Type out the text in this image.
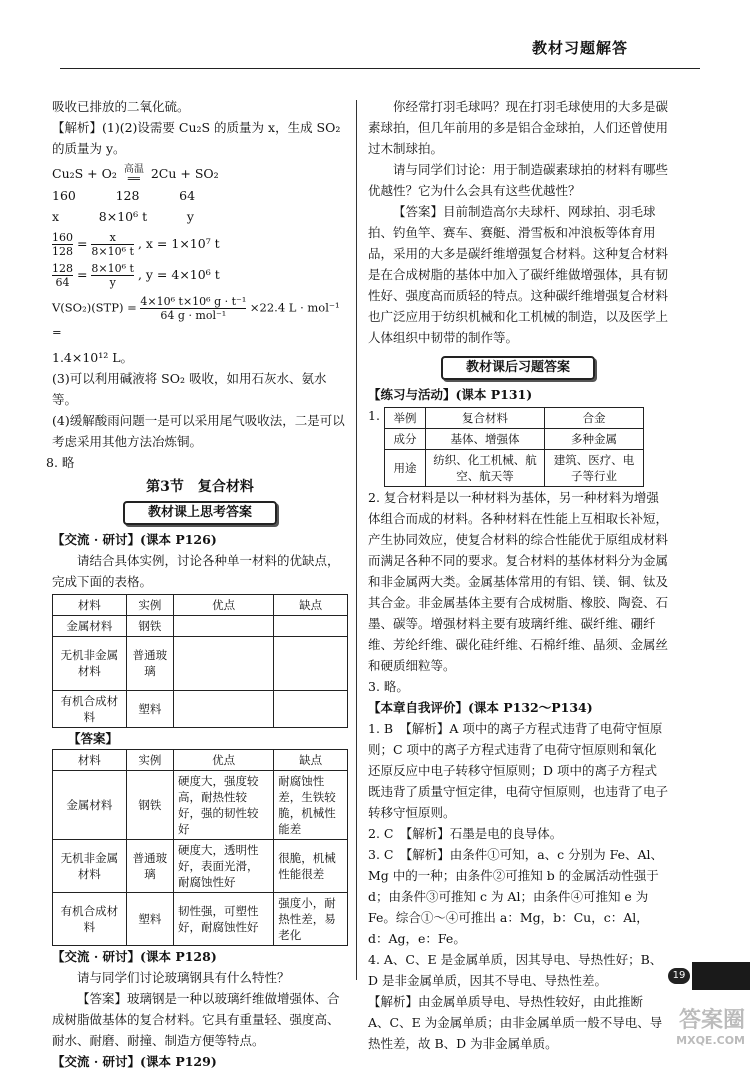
教材习题解答

吸收已排放的二氧化硫。

【解析】(1)(2)设需要 Cu₂S 的质量为 x，生成 SO₂

的质量为 y。

Cu₂S + O₂ 高温
══ 2Cu + SO₂

160          128          64

x          8×10⁶ t          y

$\frac{160}{128} = \frac{x}{\text{8×10⁶ t}}$ , x = 1×10⁷ t

$\frac{128}{64} = \frac{\text{8×10⁶ t}}{y}$ , y = 4×10⁶ t

$V(SO_2)(STP) = \frac{\text{4×10⁶ t×10⁶ g · t⁻¹}}{\text{64 g · mol⁻¹}} \times 22.4$ L · mol⁻¹ =

1.4×10¹² L。

(3)可以利用碱液将 SO₂ 吸收，如用石灰水、氨水等。

(4)缓解酸雨问题一是可以采用尾气吸收法，二是可以考虑采用其他方法冶炼铜。

8. 略

第3节　复合材料

教材课上思考答案

【交流 · 研讨】(课本 P126)

请结合具体实例，讨论各种单一材料的优缺点，完成下面的表格。

材料	实例	优点	缺点
金属材料	钢铁		
无机非金属材料	普通玻璃		
有机合成材料	塑料		

【答案】

材料	实例	优点	缺点
金属材料	钢铁	硬度大，强度较高，耐热性较好，强的韧性较好	耐腐蚀性差，生铁较脆，机械性能差
无机非金属材料	普通玻璃	硬度大，透明性好，表面光滑，耐腐蚀性好	很脆，机械性能很差
有机合成材料	塑料	韧性强，可塑性好，耐腐蚀性好	强度小，耐热性差，易老化

【交流 · 研讨】(课本 P128)

请与同学们讨论玻璃钢具有什么特性？

【答案】玻璃钢是一种以玻璃纤维做增强体、合成树脂做基体的复合材料。它具有重量轻、强度高、耐水、耐磨、耐撞、制造方便等特点。

【交流 · 研讨】(课本 P129)

你经常打羽毛球吗？现在打羽毛球使用的大多是碳素球拍，但几年前用的多是铝合金球拍，人们还曾使用过木制球拍。

请与同学们讨论：用于制造碳素球拍的材料有哪些优越性？它为什么会具有这些优越性？

【答案】目前制造高尔夫球杆、网球拍、羽毛球拍、钓鱼竿、赛车、赛艇、滑雪板和冲浪板等体育用品，采用的大多是碳纤维增强复合材料。这种复合材料是在合成树脂的基体中加入了碳纤维做增强体，具有韧性好、强度高而质轻的特点。这种碳纤维增强复合材料也广泛应用于纺织机械和化工机械的制造，以及医学上人体组织中韧带的制作等。

教材课后习题答案

【练习与活动】(课本 P131)

1.	举例	复合材料	合金
成分	基体、增强体	多种金属
用途	纺织、化工机械、航空、航天等	建筑、医疗、电子等行业

2. 复合材料是以一种材料为基体，另一种材料为增强体组合而成的材料。各种材料在性能上互相取长补短，产生协同效应，使复合材料的综合性能优于原组成材料而满足各种不同的要求。复合材料的基体材料分为金属和非金属两大类。金属基体常用的有铝、镁、铜、钛及其合金。非金属基体主要有合成树脂、橡胶、陶瓷、石墨、碳等。增强材料主要有玻璃纤维、碳纤维、硼纤维、芳纶纤维、碳化硅纤维、石棉纤维、晶须、金属丝和硬质细粒等。

3. 略。

【本章自我评价】(课本 P132～P134)

1. B　【解析】A 项中的离子方程式违背了电荷守恒原则；C 项中的离子方程式违背了电荷守恒原则和氧化还原反应中电子转移守恒原则；D 项中的离子方程式既违背了质量守恒定律，电荷守恒原则，也违背了电子转移守恒原则。

2. C　【解析】石墨是电的良导体。

3. C　【解析】由条件①可知，a、c 分别为 Fe、Al、Mg 中的一种；由条件②可推知 b 的金属活动性强于 d；由条件③可推知 c 为 Al；由条件④可推知 e 为 Fe。综合①～④可推出 a：Mg，b：Cu，c：Al，d：Ag，e：Fe。

4. A、C、E 是金属单质，因其导电、导热性好；B、D 是非金属单质，因其不导电、导热性差。

【解析】由金属单质导电、导热性较好，由此推断 A、C、E 为金属单质；由非金属单质一般不导电、导热性差，故 B、D 为非金属单质。

19
答案圈
MXQE.COM
